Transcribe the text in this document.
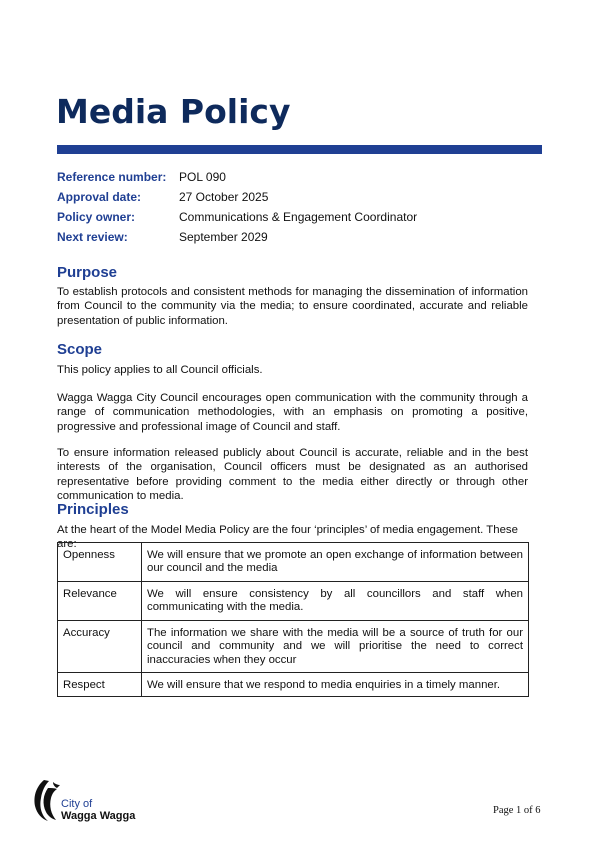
Media Policy
Reference number: POL 090
Approval date:	27 October 2025
Policy owner:	Communications & Engagement Coordinator
Next review:	September 2029
Purpose

To establish protocols and consistent methods for managing the dissemination of information from Council to the community via the media; to ensure coordinated, accurate and reliable presentation of public information.

Scope

This policy applies to all Council officials.

Wagga Wagga City Council encourages open communication with the community through a range of communication methodologies, with an emphasis on promoting a positive, progressive and professional image of Council and staff.

To ensure information released publicly about Council is accurate, reliable and in the best interests of the organisation, Council officers must be designated as an authorised representative before providing comment to the media either directly or through other communication to media.

Principles

At the heart of the Model Media Policy are the four ‘principles’ of media engagement. These are:

Openness	We will ensure that we promote an open exchange of information between our council and the media
Relevance	We will ensure consistency by all councillors and staff when communicating with the media.
Accuracy	The information we share with the media will be a source of truth for our council and community and we will prioritise the need to correct inaccuracies when they occur
Respect	We will ensure that we respond to media enquiries in a timely manner.
City of
Wagga Wagga	Page 1 of 6
